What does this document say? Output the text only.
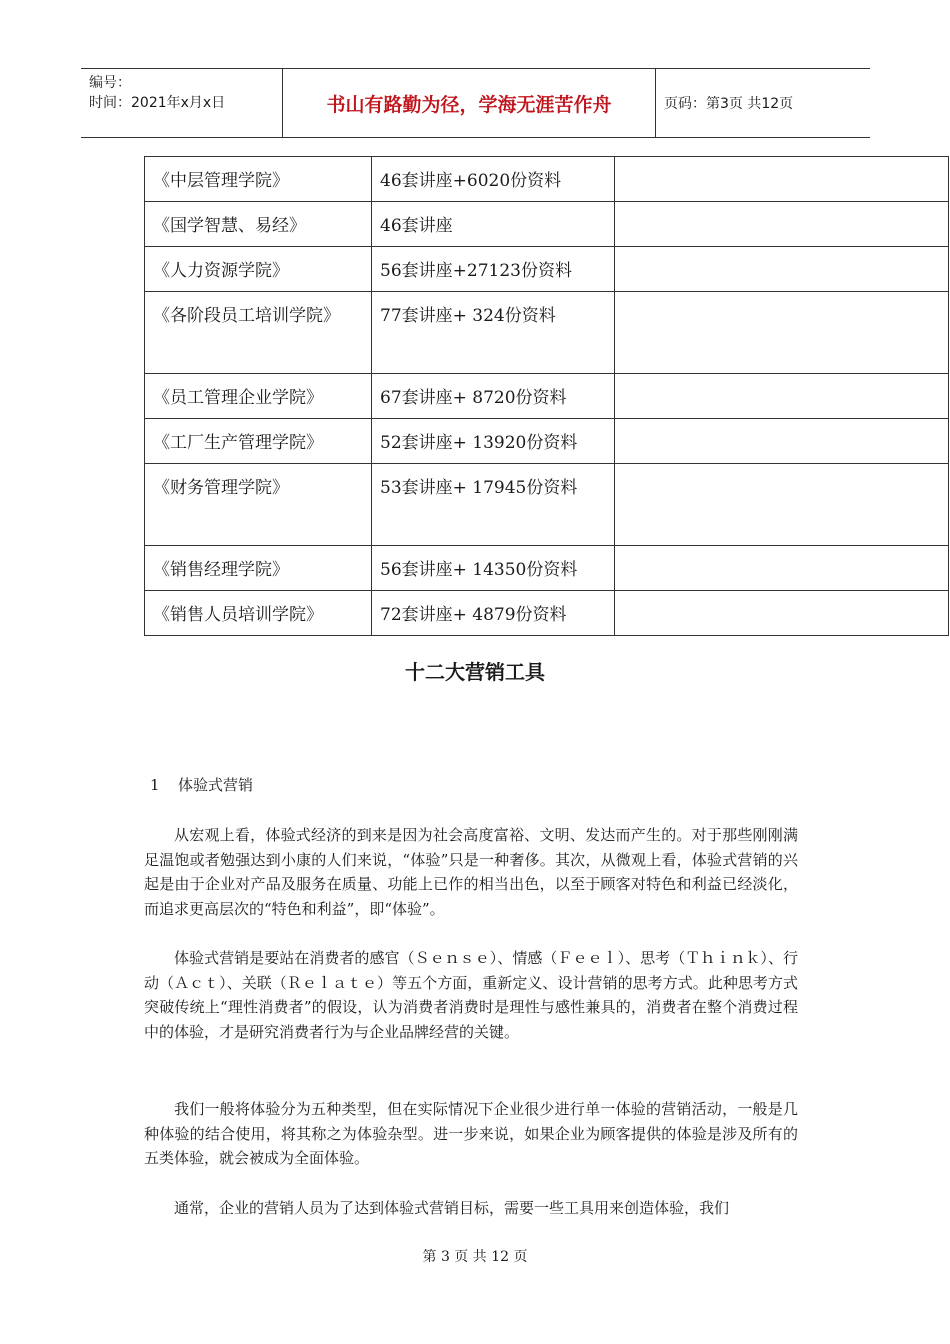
编号：
时间：2021年x月x日	书山有路勤为径，学海无涯苦作舟	页码：第3页 共12页
《中层管理学院》	46套讲座+6020份资料	
《国学智慧、易经》	46套讲座	
《人力资源学院》	56套讲座+27123份资料	
《各阶段员工培训学院》	77套讲座+ 324份资料	
《员工管理企业学院》	67套讲座+ 8720份资料	
《工厂生产管理学院》	52套讲座+ 13920份资料	
《财务管理学院》	53套讲座+ 17945份资料	
《销售经理学院》	56套讲座+ 14350份资料	
《销售人员培训学院》	72套讲座+ 4879份资料	
十二大营销工具
1 体验式营销

从宏观上看，体验式经济的到来是因为社会高度富裕、文明、发达而产生的。对于那些刚刚满足温饱或者勉强达到小康的人们来说，“体验”只是一种奢侈。其次，从微观上看，体验式营销的兴起是由于企业对产品及服务在质量、功能上已作的相当出色，以至于顾客对特色和利益已经淡化，而追求更高层次的“特色和利益”，即“体验”。

体验式营销是要站在消费者的感官（Ｓｅｎｓｅ）、情感（Ｆｅｅｌ）、思考（Ｔｈｉｎｋ）、行动（Ａｃｔ）、关联（Ｒｅｌａｔｅ）等五个方面，重新定义、设计营销的思考方式。此种思考方式突破传统上“理性消费者”的假设，认为消费者消费时是理性与感性兼具的，消费者在整个消费过程中的体验，才是研究消费者行为与企业品牌经营的关键。

我们一般将体验分为五种类型，但在实际情况下企业很少进行单一体验的营销活动，一般是几种体验的结合使用，将其称之为体验杂型。进一步来说，如果企业为顾客提供的体验是涉及所有的五类体验，就会被成为全面体验。

通常，企业的营销人员为了达到体验式营销目标，需要一些工具用来创造体验，我们

第 3 页 共 12 页
